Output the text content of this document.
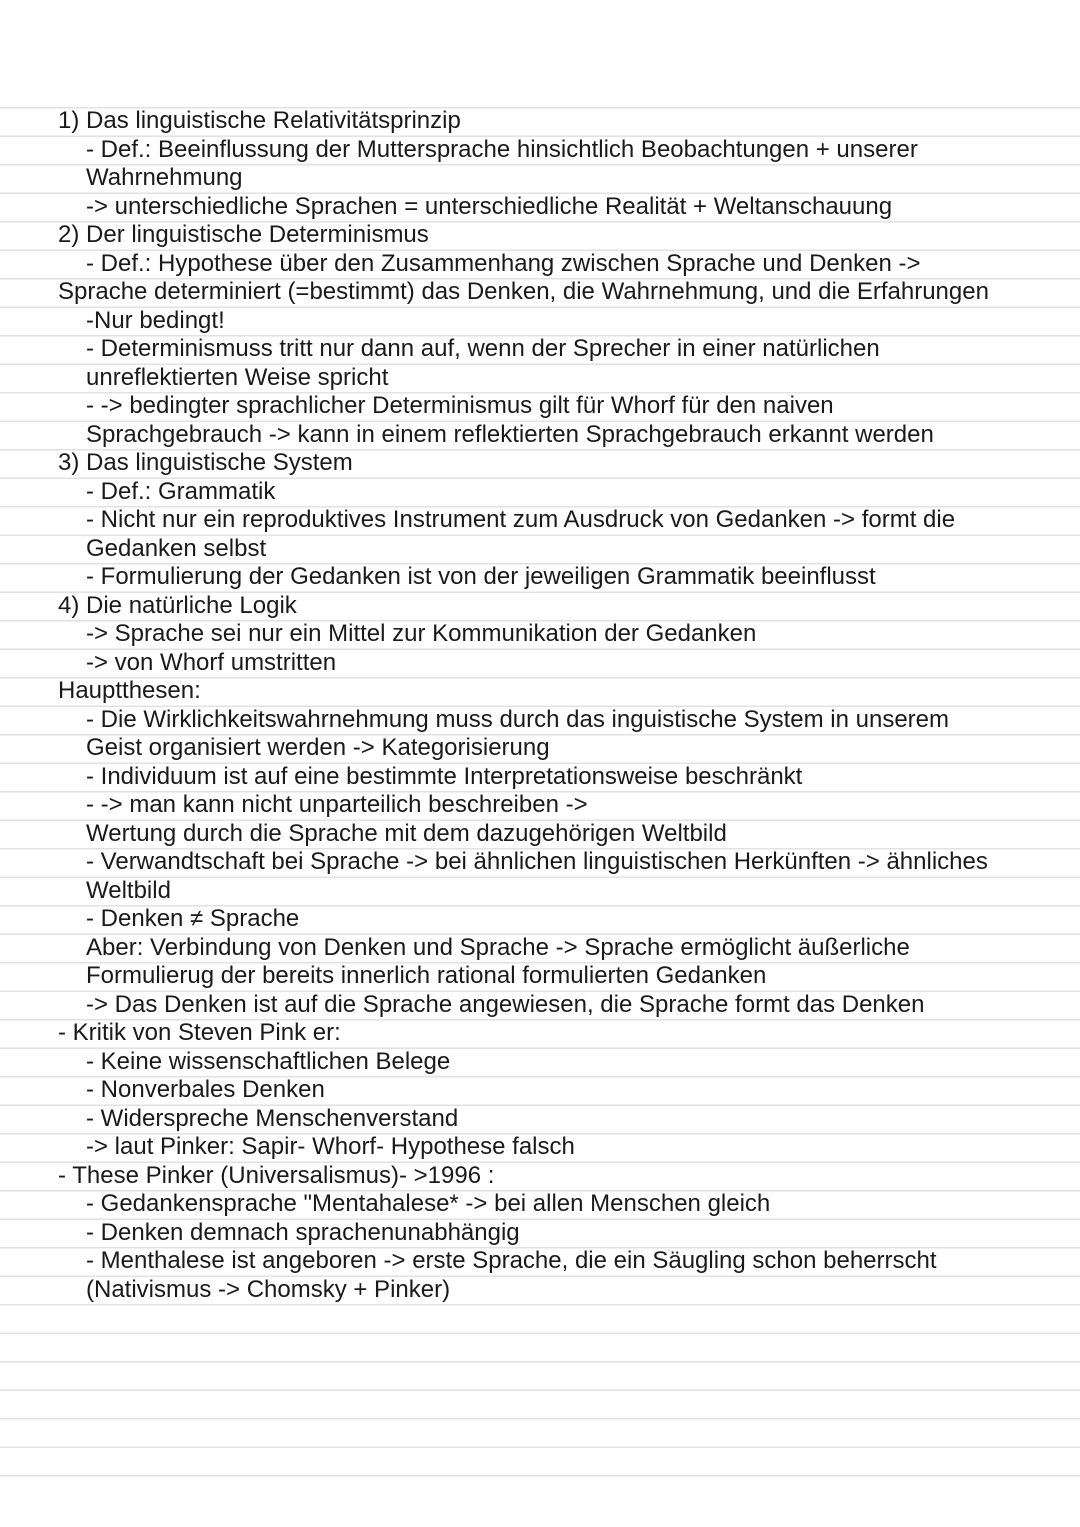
1) Das linguistische Relativitätsprinzip
- Def.: Beeinflussung der Muttersprache hinsichtlich Beobachtungen + unserer
Wahrnehmung
-> unterschiedliche Sprachen = unterschiedliche Realität + Weltanschauung
2) Der linguistische Determinismus
- Def.: Hypothese über den Zusammenhang zwischen Sprache und Denken ->
Sprache determiniert (=bestimmt) das Denken, die Wahrnehmung, und die Erfahrungen
-Nur bedingt!
- Determinismuss tritt nur dann auf, wenn der Sprecher in einer natürlichen
unreflektierten Weise spricht
- -> bedingter sprachlicher Determinismus gilt für Whorf für den naiven
Sprachgebrauch -> kann in einem reflektierten Sprachgebrauch erkannt werden
3) Das linguistische System
- Def.: Grammatik
- Nicht nur ein reproduktives Instrument zum Ausdruck von Gedanken -> formt die
Gedanken selbst
- Formulierung der Gedanken ist von der jeweiligen Grammatik beeinflusst
4) Die natürliche Logik
-> Sprache sei nur ein Mittel zur Kommunikation der Gedanken
-> von Whorf umstritten
Hauptthesen:
- Die Wirklichkeitswahrnehmung muss durch das inguistische System in unserem
Geist organisiert werden -> Kategorisierung
- Individuum ist auf eine bestimmte Interpretationsweise beschränkt
- -> man kann nicht unparteilich beschreiben ->
Wertung durch die Sprache mit dem dazugehörigen Weltbild
- Verwandtschaft bei Sprache -> bei ähnlichen linguistischen Herkünften -> ähnliches
Weltbild
- Denken ≠ Sprache
Aber: Verbindung von Denken und Sprache -> Sprache ermöglicht äußerliche
Formulierug der bereits innerlich rational formulierten Gedanken
-> Das Denken ist auf die Sprache angewiesen, die Sprache formt das Denken
- Kritik von Steven Pink er:
- Keine wissenschaftlichen Belege
- Nonverbales Denken
- Widerspreche Menschenverstand
-> laut Pinker: Sapir- Whorf- Hypothese falsch
- These Pinker (Universalismus)- >1996 :
- Gedankensprache "Mentahalese* -> bei allen Menschen gleich
- Denken demnach sprachenunabhängig
- Menthalese ist angeboren -> erste Sprache, die ein Säugling schon beherrscht
(Nativismus -> Chomsky + Pinker)
